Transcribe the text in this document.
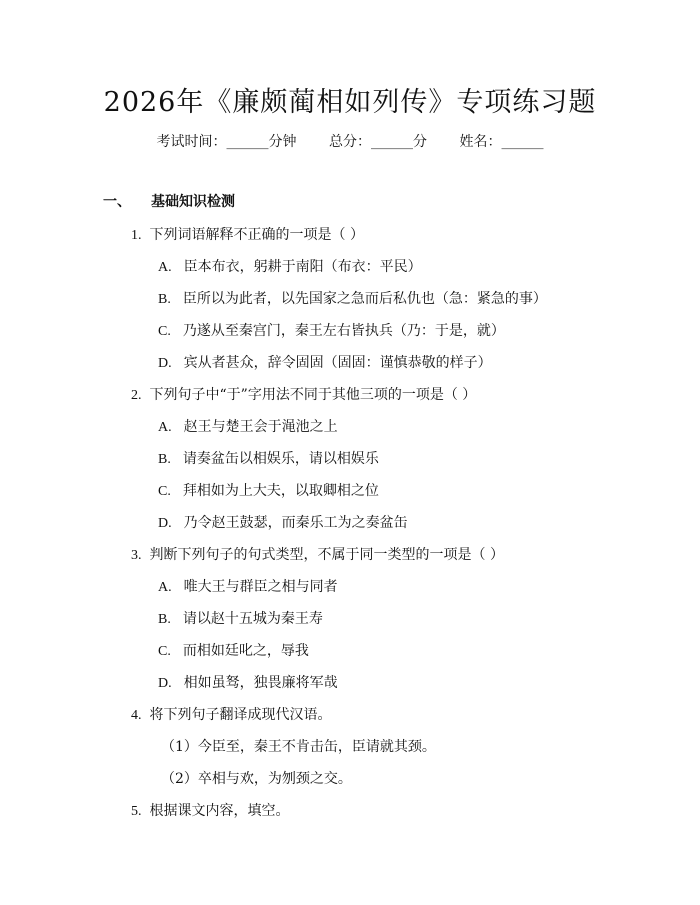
2026年《廉颇蔺相如列传》专项练习题
考试时间：______分钟 总分：______分 姓名：______
一、 基础知识检测
1. 下列词语解释不正确的一项是（ ）
A. 臣本布衣，躬耕于南阳（布衣：平民）
B. 臣所以为此者，以先国家之急而后私仇也（急：紧急的事）
C. 乃遂从至秦宫门，秦王左右皆执兵（乃：于是，就）
D. 宾从者甚众，辞令固固（固固：谨慎恭敬的样子）
2. 下列句子中“于”字用法不同于其他三项的一项是（ ）
A. 赵王与楚王会于渑池之上
B. 请奏盆缶以相娱乐，请以相娱乐
C. 拜相如为上大夫，以取卿相之位
D. 乃令赵王鼓瑟，而秦乐工为之奏盆缶
3. 判断下列句子的句式类型，不属于同一类型的一项是（ ）
A. 唯大王与群臣之相与同者
B. 请以赵十五城为秦王寿
C. 而相如廷叱之，辱我
D. 相如虽驽，独畏廉将军哉
4. 将下列句子翻译成现代汉语。
（1）今臣至，秦王不肯击缶，臣请就其颈。
（2）卒相与欢，为刎颈之交。
5. 根据课文内容，填空。
